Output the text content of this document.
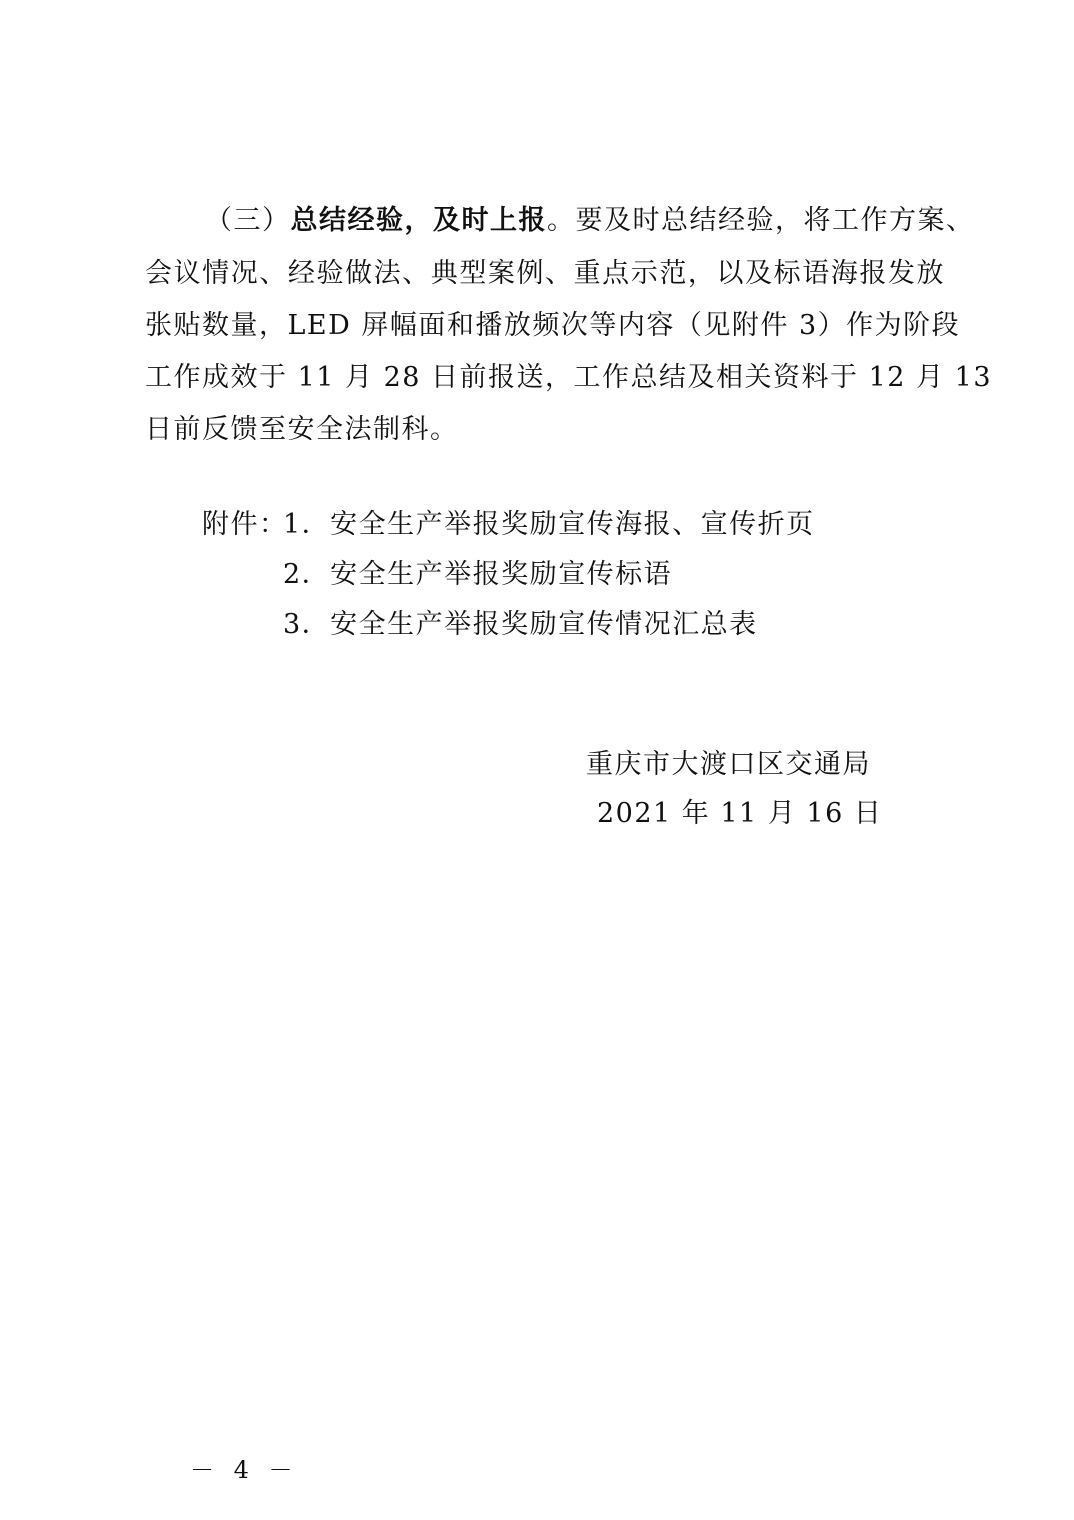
（三）总结经验，及时上报。要及时总结经验，将工作方案、
会议情况、经验做法、典型案例、重点示范，以及标语海报发放
张贴数量，LED 屏幅面和播放频次等内容（见附件 3）作为阶段
工作成效于 11 月 28 日前报送，工作总结及相关资料于 12 月 13
日前反馈至安全法制科。
附件：
1．安全生产举报奖励宣传海报、宣传折页
2．安全生产举报奖励宣传标语
3．安全生产举报奖励宣传情况汇总表
重庆市大渡口区交通局
2021 年 11 月 16 日
－ 4 －
